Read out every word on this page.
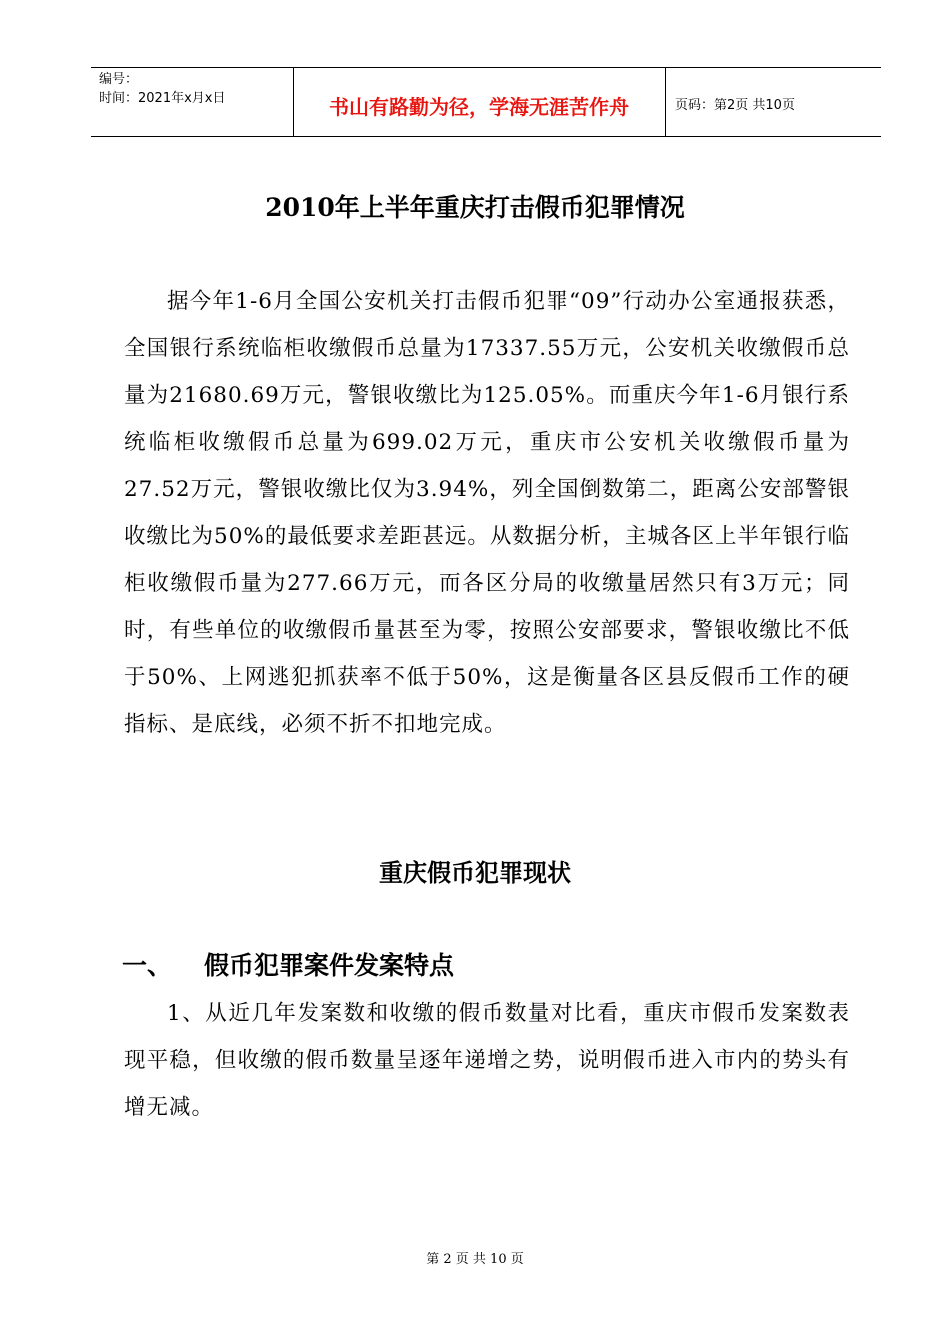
编号：
时间：2021年x月x日	书山有路勤为径，学海无涯苦作舟	页码：第2页 共10页
2010年上半年重庆打击假币犯罪情况

据今年1-6月全国公安机关打击假币犯罪“09”行动办公室通报获悉，全国银行系统临柜收缴假币总量为17337.55万元，公安机关收缴假币总量为21680.69万元，警银收缴比为125.05%。而重庆今年1-6月银行系统临柜收缴假币总量为699.02万元，重庆市公安机关收缴假币量为27.52万元，警银收缴比仅为3.94%，列全国倒数第二，距离公安部警银收缴比为50%的最低要求差距甚远。从数据分析，主城各区上半年银行临柜收缴假币量为277.66万元，而各区分局的收缴量居然只有3万元；同时，有些单位的收缴假币量甚至为零，按照公安部要求，警银收缴比不低于50%、上网逃犯抓获率不低于50%，这是衡量各区县反假币工作的硬指标、是底线，必须不折不扣地完成。

重庆假币犯罪现状
一、 假币犯罪案件发案特点

1、从近几年发案数和收缴的假币数量对比看，重庆市假币发案数表现平稳，但收缴的假币数量呈逐年递增之势，说明假币进入市内的势头有增无减。

第 2 页 共 10 页
